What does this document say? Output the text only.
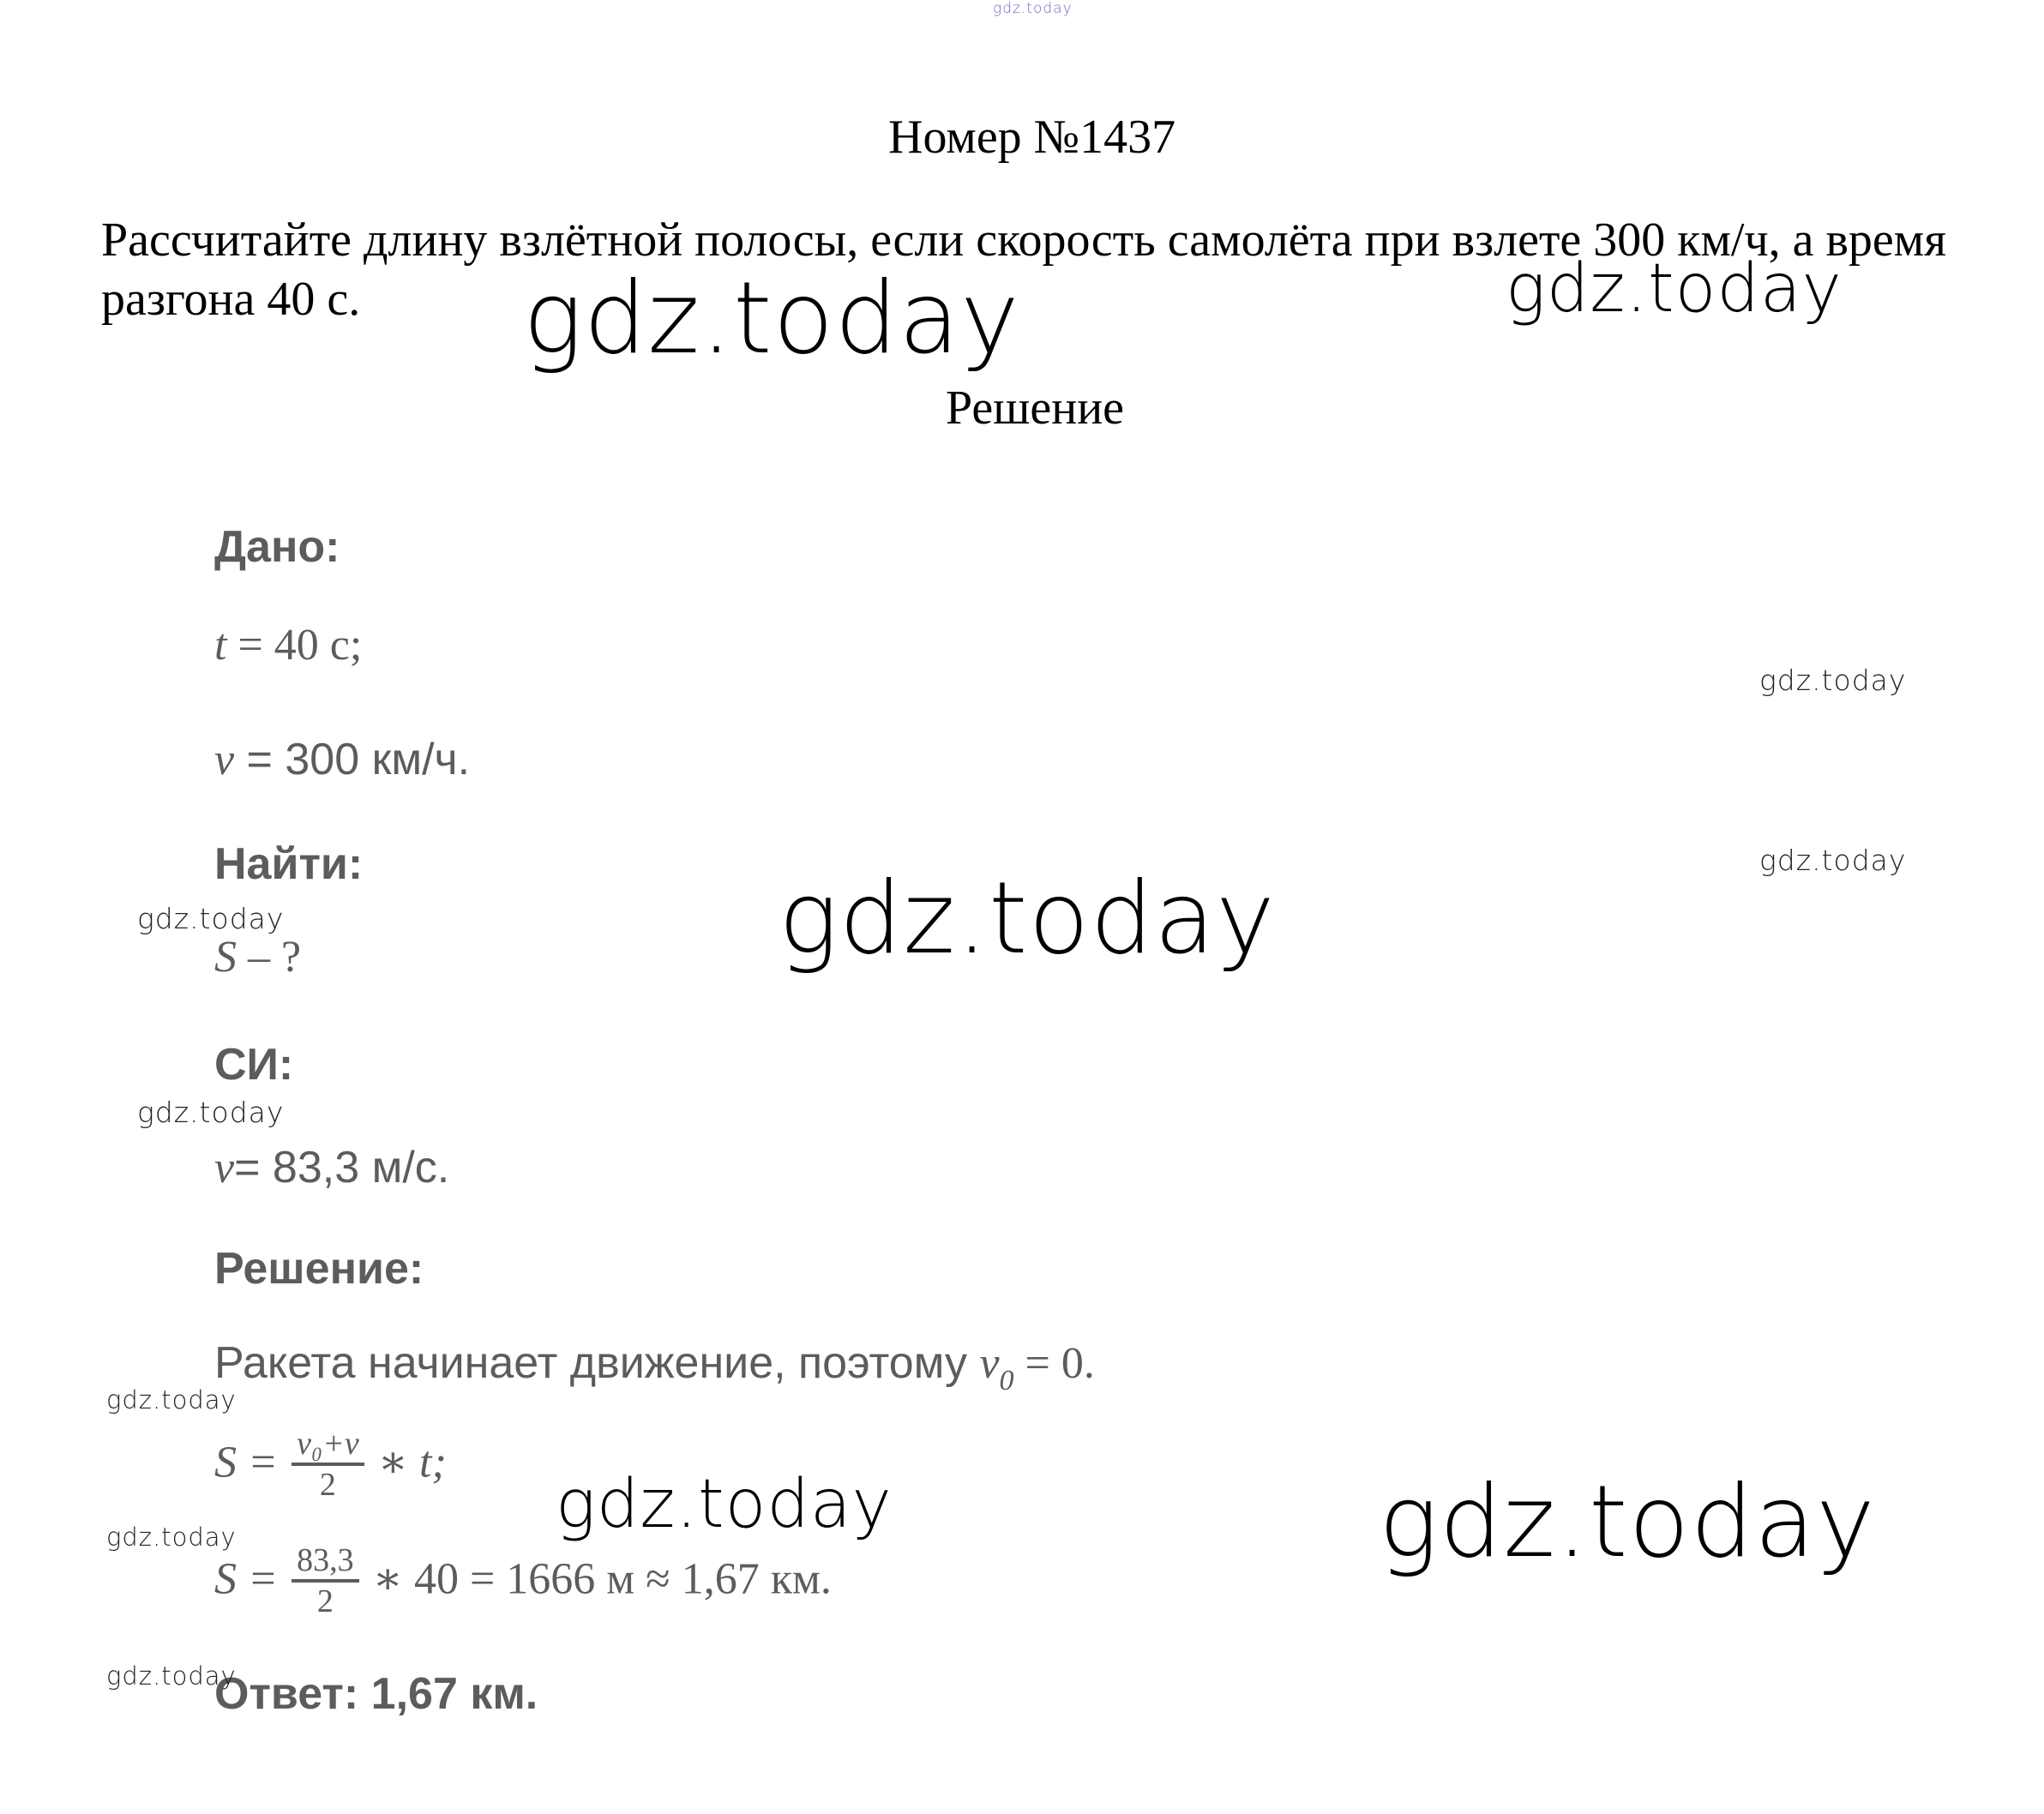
Номер №1437
Рассчитайте длину взлётной полосы, если скорость самолёта при взлете 300 км/ч, а время разгона 40 с.
Решение
Дано:
t = 40 с;
v = 300 км/ч.
Найти:
S – ?
СИ:
v= 83,3 м/с.
Решение:
Ракета начинает движение, поэтому $v_0 = 0$.
$S = \frac{\text{v₀+v}}{2}$ ∗ t;
$S = \frac{83,3}{2}$ ∗ 40 = 1666 м ≈ 1,67 км.
Ответ: 1,67 км.
gdz.today
gdz.today	gdz.today
gdz.today
gdz.today
gdz.today
gdz.today
gdz.today
gdz.today
gdz.today	gdz.today
gdz.today
gdz.today
